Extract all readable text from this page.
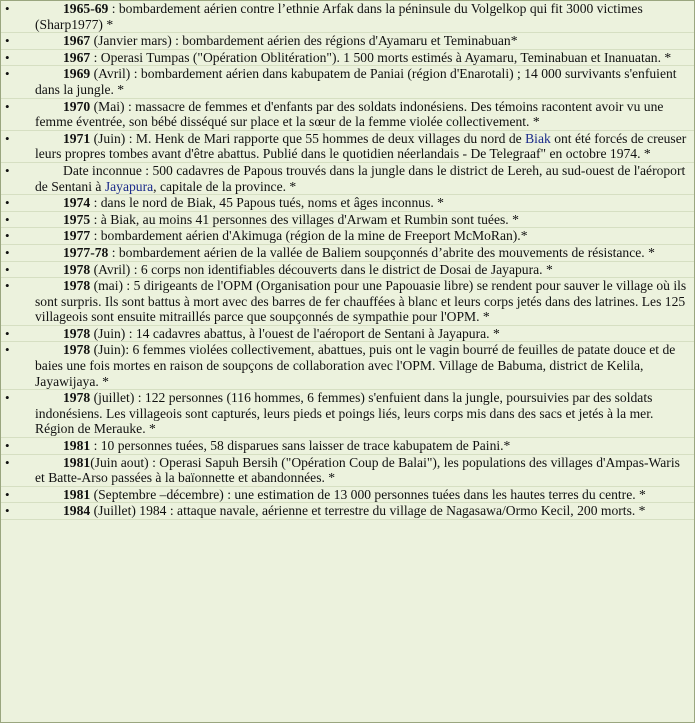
•	1965-69 : bombardement aérien contre l’ethnie Arfak dans la péninsule du Volgelkop qui fit 3000 victimes (Sharp1977) *
•	1967 (Janvier mars) : bombardement aérien des régions d'Ayamaru et Teminabuan*
•	1967 : Operasi Tumpas ("Opération Oblitération"). 1 500 morts estimés à Ayamaru, Teminabuan et Inanuatan. *
•	1969 (Avril) : bombardement aérien dans kabupatem de Paniai (région d'Enarotali) ; 14 000 survivants s'enfuient dans la jungle. *
•	1970 (Mai) : massacre de femmes et d'enfants par des soldats indonésiens. Des témoins racontent avoir vu une femme éventrée, son bébé disséqué sur place et la sœur de la femme violée collectivement. *
•	1971 (Juin) : M. Henk de Mari rapporte que 55 hommes de deux villages du nord de Biak ont été forcés de creuser leurs propres tombes avant d'être abattus. Publié dans le quotidien néerlandais - De Telegraaf" en octobre 1974. *
•	Date inconnue : 500 cadavres de Papous trouvés dans la jungle dans le district de Lereh, au sud-ouest de l'aéroport de Sentani à Jayapura, capitale de la province. *
•	1974 : dans le nord de Biak, 45 Papous tués, noms et âges inconnus. *
•	1975 : à Biak, au moins 41 personnes des villages d'Arwam et Rumbin sont tuées. *
•	1977 : bombardement aérien d'Akimuga (région de la mine de Freeport McMoRan).*
•	1977-78 : bombardement aérien de la vallée de Baliem soupçonnés d’abrite des mouvements de résistance. *
•	1978 (Avril) : 6 corps non identifiables découverts dans le district de Dosai de Jayapura. *
•	1978 (mai) : 5 dirigeants de l'OPM (Organisation pour une Papouasie libre) se rendent pour sauver le village où ils sont surpris. Ils sont battus à mort avec des barres de fer chauffées à blanc et leurs corps jetés dans des latrines. Les 125 villageois sont ensuite mitraillés parce que soupçonnés de sympathie pour l'OPM. *
•	1978 (Juin) : 14 cadavres abattus, à l'ouest de l'aéroport de Sentani à Jayapura. *
•	1978 (Juin): 6 femmes violées collectivement, abattues, puis ont le vagin bourré de feuilles de patate douce et de baies une fois mortes en raison de soupçons de collaboration avec l'OPM. Village de Babuma, district de Kelila, Jayawijaya. *
•	1978 (juillet) : 122 personnes (116 hommes, 6 femmes) s'enfuient dans la jungle, poursuivies par des soldats indonésiens. Les villageois sont capturés, leurs pieds et poings liés, leurs corps mis dans des sacs et jetés à la mer. Région de Merauke. *
•	1981 : 10 personnes tuées, 58 disparues sans laisser de trace kabupatem de Paini.*
•	1981(Juin aout) : Operasi Sapuh Bersih ("Opération Coup de Balai"), les populations des villages d'Ampas-Waris et Batte-Arso passées à la baïonnette et abandonnées. *
•	1981 (Septembre –décembre) : une estimation de 13 000 personnes tuées dans les hautes terres du centre. *
•	1984 (Juillet) 1984 : attaque navale, aérienne et terrestre du village de Nagasawa/Ormo Kecil, 200 morts. *
